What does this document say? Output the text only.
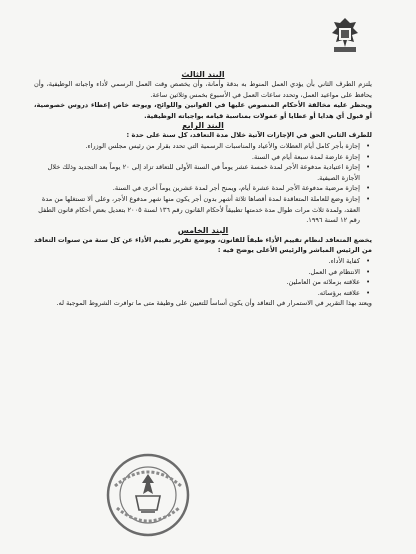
البند الثالث

يلتزم الطرف الثاني بأن يؤدي العمل المنوط به بدقة وأمانة، وأن يخصص وقت العمل الرسمي لأداء واجباته الوظيفية، وأن يحافظ على مواعيد العمل، وتحدد ساعات العمل في الأسبوع بخمس وثلاثين ساعة.

ويحظر عليه مخالفة الأحكام المنصوص عليها في القوانين واللوائح، ويوجه خاص إعطاء دروس خصوصية، أو قبول أي هدايا أو عطايا أو عمولات بمناسبة قيامه بواجباته الوظيفية.

البند الرابع

للطرف الثاني الحق في الإجازات الآتية خلال مدة التعاقد، كل سنة على حدة :

•
إجازة بأجر كامل أيام العطلات والأعياد والمناسبات الرسمية التي تحدد بقرار من رئيس مجلس الوزراء.
•
إجازة عارضة لمدة سبعة أيام في السنة.
•
إجازة اعتيادية مدفوعة الأجر لمدة خمسة عشر يوماً في السنة الأولى للتعاقد تزاد إلى ٢٠ يوماً بعد التجديد وذلك خلال الأجازة الصيفية.
•
إجازة مرضية مدفوعة الأجر لمدة عشرة أيام، ويمنح أجر لمدة عشرين يوماً أخرى في السنة.
•
إجازة وضع للعاملة المتعاقدة لمدة أقصاها ثلاثة أشهر بدون أجر يكون منها شهر مدفوع الأجر، وعلى ألا تستغلها من مدة العقد، ولمدة ثلاث مرات طوال مدة خدمتها تطبيقاً لأحكام القانون رقم ١٣٦ لسنة ٢٠٠٥ بتعديل بعض أحكام قانون الطفل رقم ١٢ لسنة ١٩٩٦.

البند الخامس

يخضع المتعاقد لنظام تقييم الأداء طبقاً للقانون، ويوضع تقرير تقييم الأداء عن كل سنة من سنوات التعاقد من الرئيس المباشر والرئيس الأعلى يوضح فيه :

•
كفاية الأداء.
•
الانتظام في العمل.
•
علاقته بزملائه من العاملين.
•
علاقته برؤسائه.

ويعتد بهذا التقرير في الاستمرار في التعاقد وأن يكون أساساً للتعيين على وظيفة متى ما توافرت الشروط الموجبة له.
